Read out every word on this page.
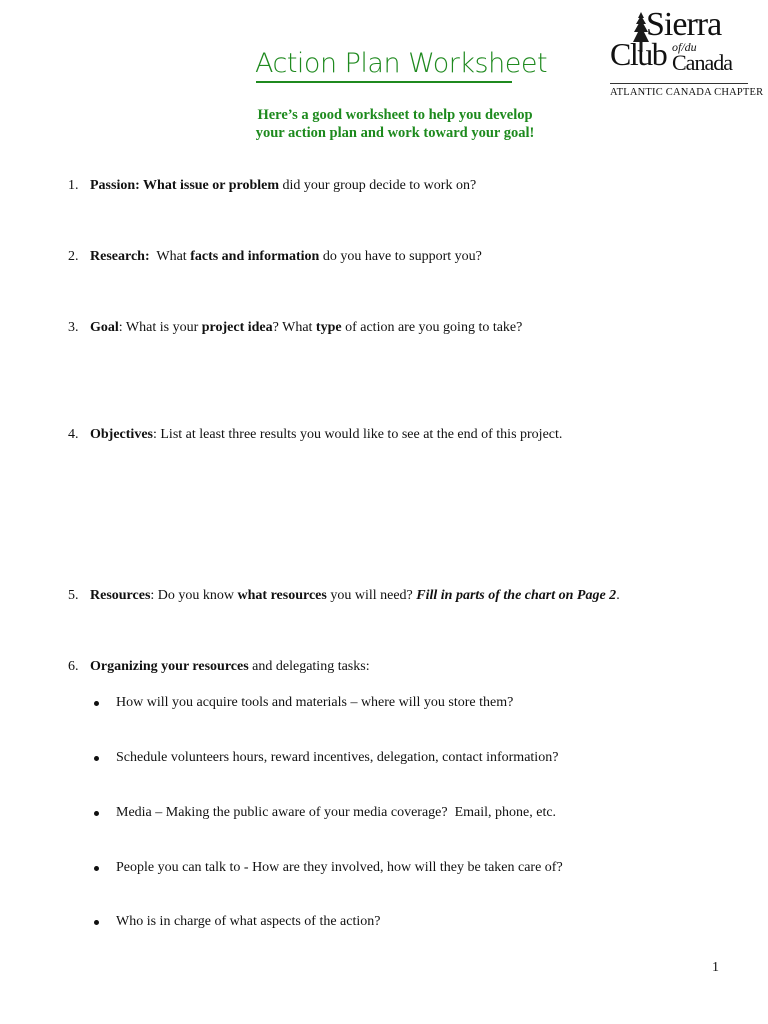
Action Plan Worksheet
Here’s a good worksheet to help you develop
your action plan and work toward your goal!
Sierra
Club of/du
Canada
ATLANTIC CANADA CHAPTER
1. Passion: What issue or problem did your group decide to work on?
2. Research:  What facts and information do you have to support you?
3. Goal: What is your project idea? What type of action are you going to take?
4. Objectives: List at least three results you would like to see at the end of this project.
5. Resources: Do you know what resources you will need? Fill in parts of the chart on Page 2.
6. Organizing your resources and delegating tasks:
How will you acquire tools and materials – where will you store them?
Schedule volunteers hours, reward incentives, delegation, contact information?
Media – Making the public aware of your media coverage?  Email, phone, etc.
People you can talk to - How are they involved, how will they be taken care of?
Who is in charge of what aspects of the action?
1
